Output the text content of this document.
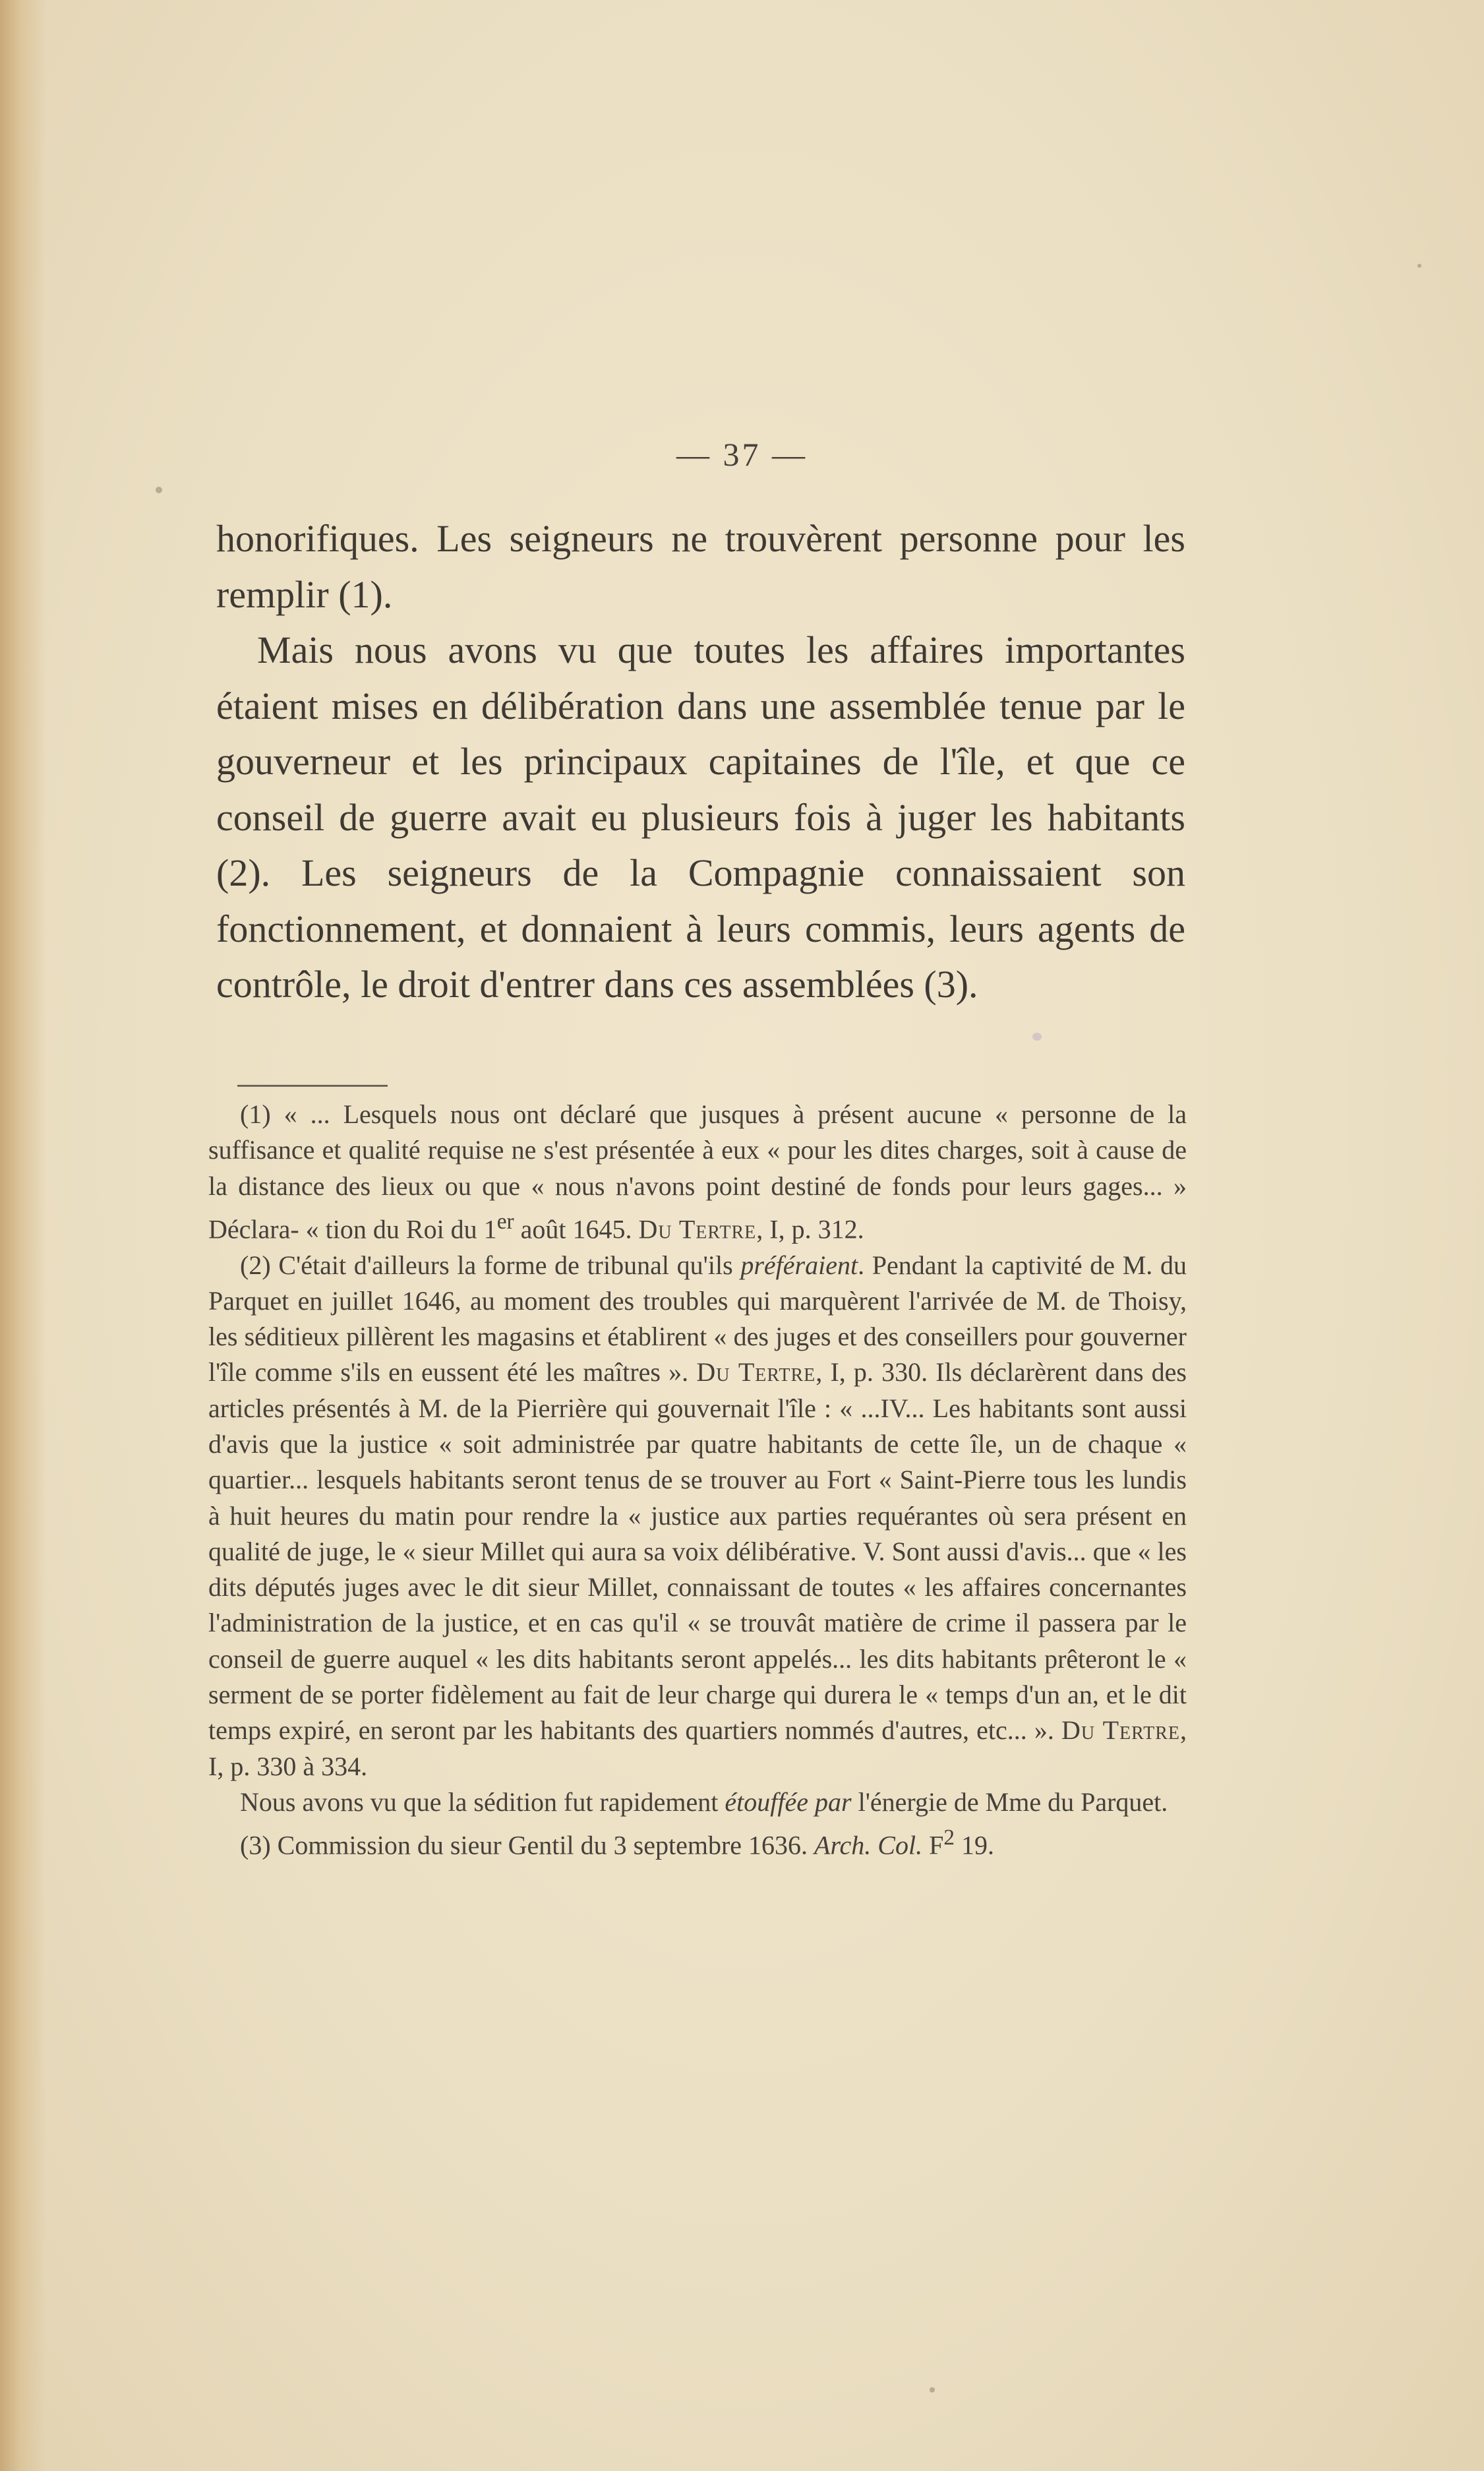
— 37 —

honorifiques. Les seigneurs ne trouvèrent personne pour les remplir (1).

Mais nous avons vu que toutes les affaires importantes étaient mises en délibération dans une assemblée tenue par le gouverneur et les principaux capitaines de l'île, et que ce conseil de guerre avait eu plusieurs fois à juger les habitants (2). Les seigneurs de la Compagnie connaissaient son fonctionnement, et donnaient à leurs commis, leurs agents de contrôle, le droit d'entrer dans ces assemblées (3).

(1) « ... Lesquels nous ont déclaré que jusques à présent aucune « personne de la suffisance et qualité requise ne s'est présentée à eux « pour les dites charges, soit à cause de la distance des lieux ou que « nous n'avons point destiné de fonds pour leurs gages... » Déclara- « tion du Roi du 1er août 1645. Du Tertre, I, p. 312.

(2) C'était d'ailleurs la forme de tribunal qu'ils préféraient. Pendant la captivité de M. du Parquet en juillet 1646, au moment des troubles qui marquèrent l'arrivée de M. de Thoisy, les séditieux pillèrent les magasins et établirent « des juges et des conseillers pour gouverner l'île comme s'ils en eussent été les maîtres ». Du Tertre, I, p. 330. Ils déclarèrent dans des articles présentés à M. de la Pierrière qui gouvernait l'île : « ...IV... Les habitants sont aussi d'avis que la justice « soit administrée par quatre habitants de cette île, un de chaque « quartier... lesquels habitants seront tenus de se trouver au Fort « Saint-Pierre tous les lundis à huit heures du matin pour rendre la « justice aux parties requérantes où sera présent en qualité de juge, le « sieur Millet qui aura sa voix délibérative. V. Sont aussi d'avis... que « les dits députés juges avec le dit sieur Millet, connaissant de toutes « les affaires concernantes l'administration de la justice, et en cas qu'il « se trouvât matière de crime il passera par le conseil de guerre auquel « les dits habitants seront appelés... les dits habitants prêteront le « serment de se porter fidèlement au fait de leur charge qui durera le « temps d'un an, et le dit temps expiré, en seront par les habitants des quartiers nommés d'autres, etc... ». Du Tertre, I, p. 330 à 334.

Nous avons vu que la sédition fut rapidement étouffée par l'énergie de Mme du Parquet.

(3) Commission du sieur Gentil du 3 septembre 1636. Arch. Col. $F^2$ 19.
